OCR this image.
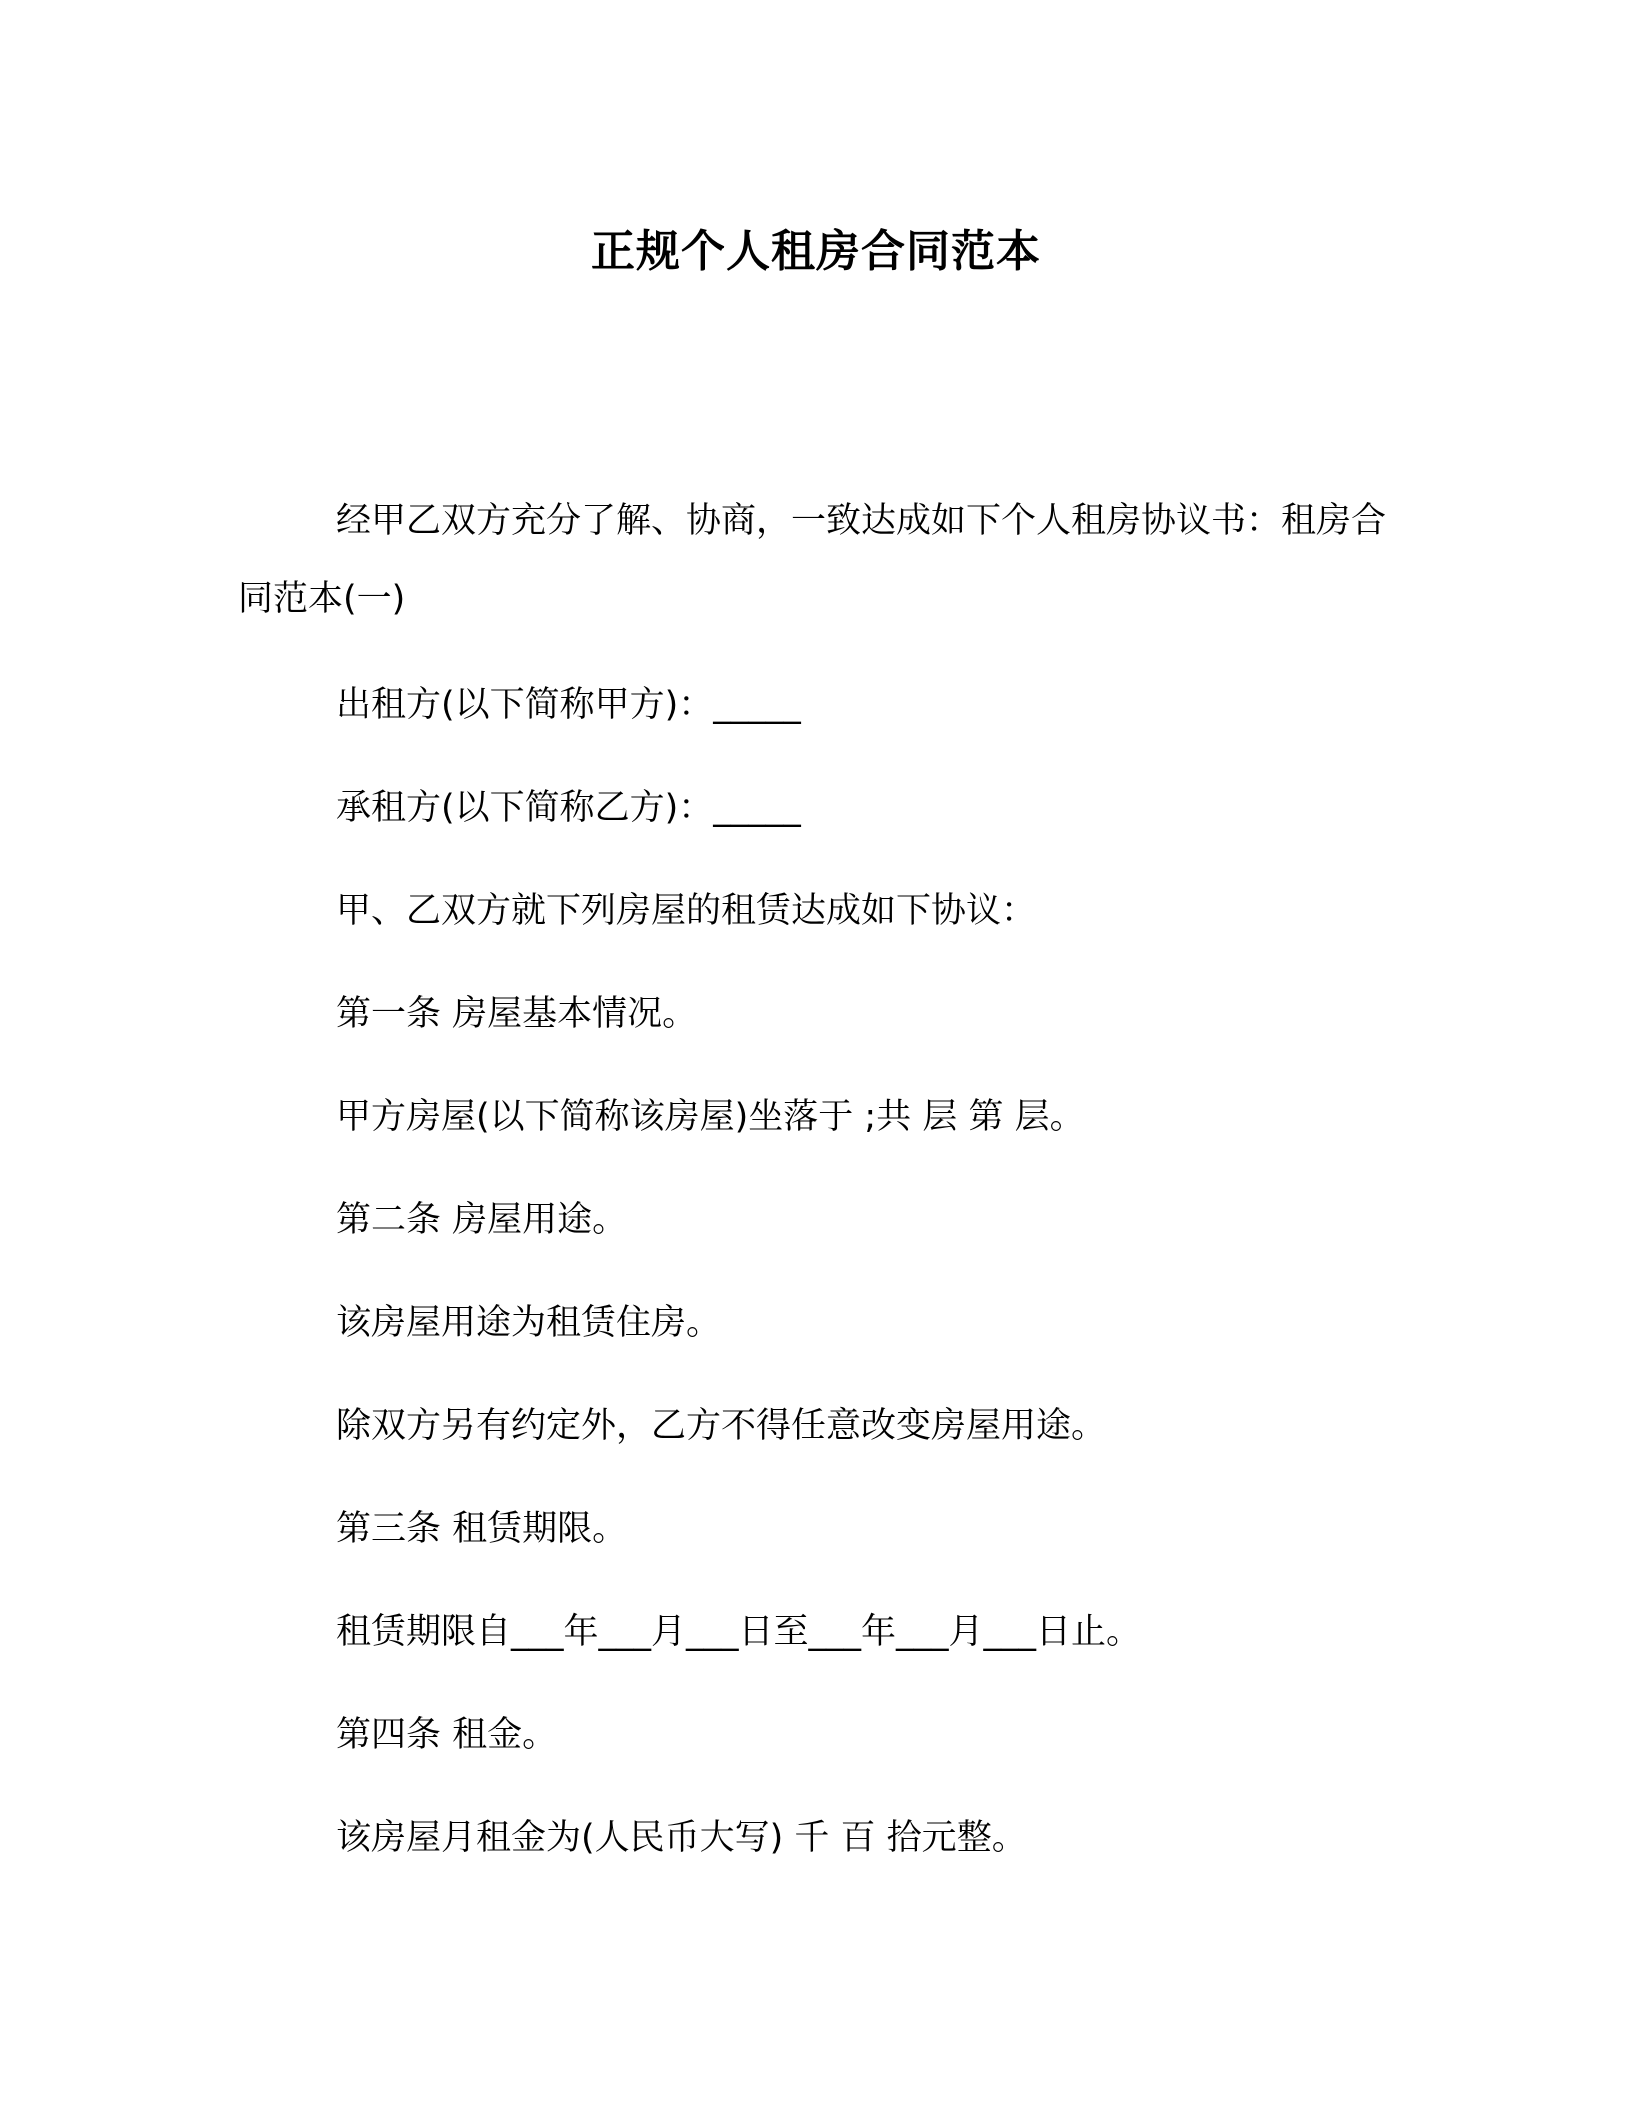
正规个人租房合同范本
经甲乙双方充分了解、协商，一致达成如下个人租房协议书：租房合同范本(一)
出租方(以下简称甲方)：_____
承租方(以下简称乙方)：_____
甲、乙双方就下列房屋的租赁达成如下协议：
第一条 房屋基本情况。
甲方房屋(以下简称该房屋)坐落于 ;共 层 第 层。
第二条 房屋用途。
该房屋用途为租赁住房。
除双方另有约定外，乙方不得任意改变房屋用途。
第三条 租赁期限。
租赁期限自___年___月___日至___年___月___日止。
第四条 租金。
该房屋月租金为(人民币大写) 千 百 拾元整。
